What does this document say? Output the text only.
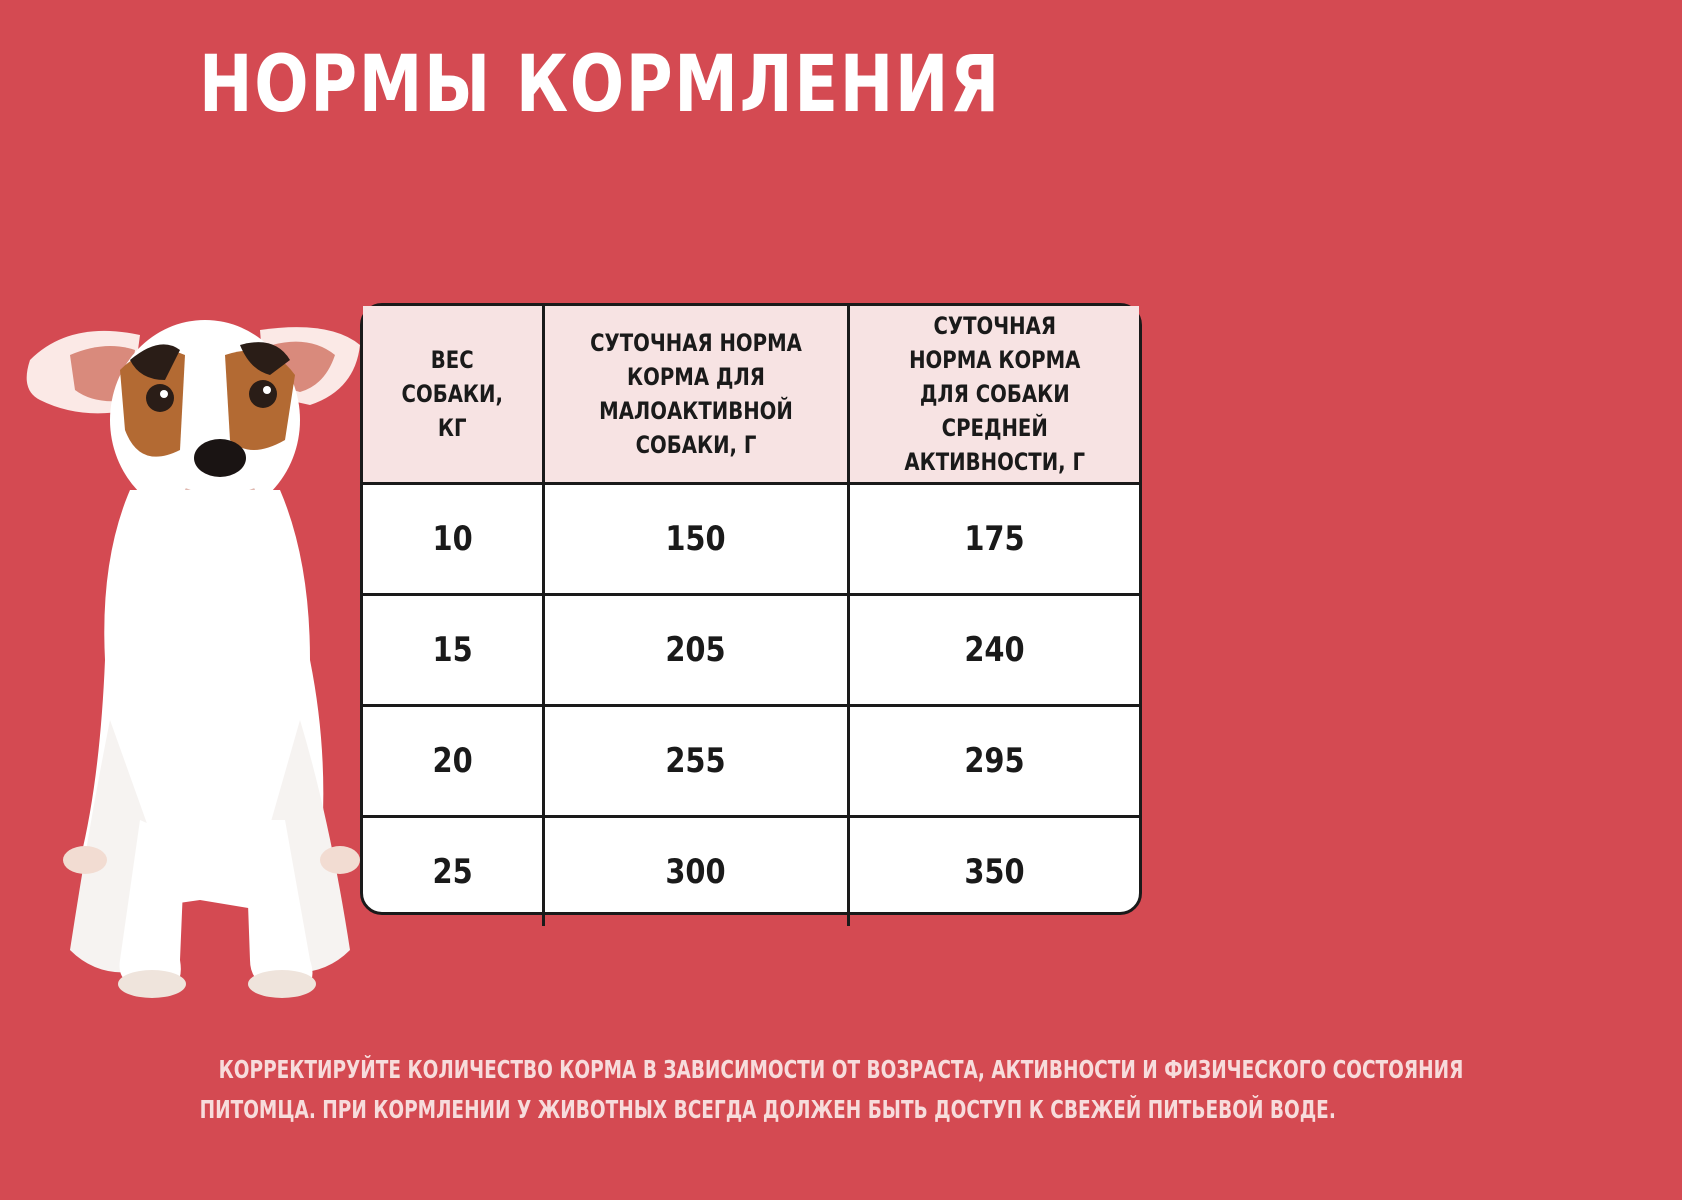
НОРМЫ КОРМЛЕНИЯ
ВЕС СОБАКИ, КГ	СУТОЧНАЯ НОРМА КОРМА ДЛЯ МАЛОАКТИВНОЙ СОБАКИ, Г	СУТОЧНАЯ НОРМА КОРМА ДЛЯ СОБАКИ СРЕДНЕЙ АКТИВНОСТИ, Г
10	150	175
15	205	240
20	255	295
25	300	350
КОРРЕКТИРУЙТЕ КОЛИЧЕСТВО КОРМА В ЗАВИСИМОСТИ ОТ ВОЗРАСТА, АКТИВНОСТИ И ФИЗИЧЕСКОГО СОСТОЯНИЯ
ПИТОМЦА. ПРИ КОРМЛЕНИИ У ЖИВОТНЫХ ВСЕГДА ДОЛЖЕН БЫТЬ ДОСТУП К СВЕЖЕЙ ПИТЬЕВОЙ ВОДЕ.
